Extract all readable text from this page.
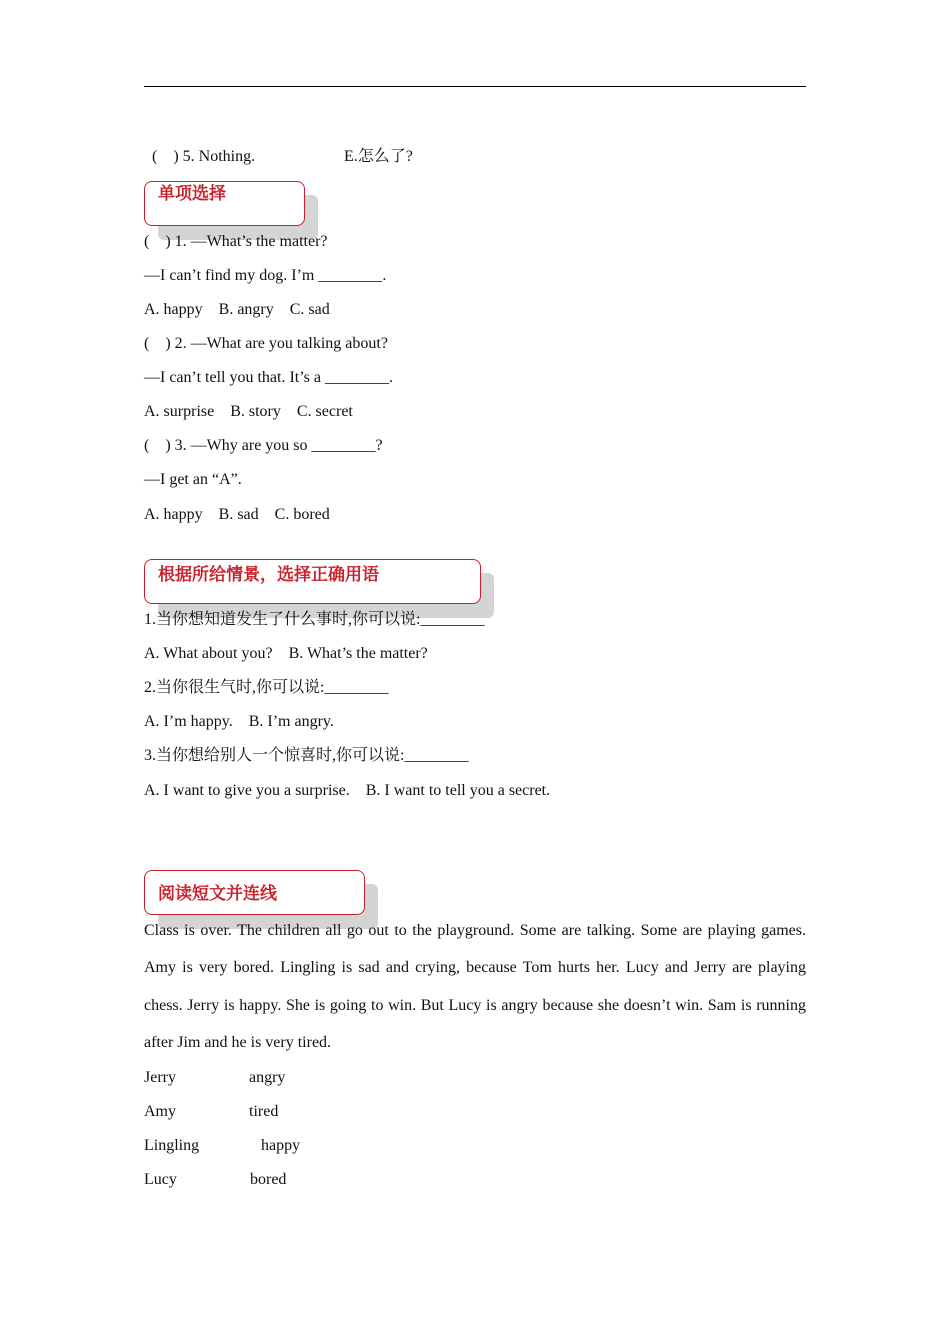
(    ) 5. Nothing.	E.怎么了?

单项选择
(    ) 1. —What’s the matter?
—I can’t find my dog. I’m ________.
A. happy    B. angry    C. sad
(    ) 2. —What are you talking about?
—I can’t tell you that. It’s a ________.
A. surprise    B. story    C. secret
(    ) 3. —Why are you so ________?
—I get an “A”.
A. happy    B. sad    C. bored
根据所给情景，选择正确用语
1.当你想知道发生了什么事时,你可以说:________
A. What about you?    B. What’s the matter?
2.当你很生气时,你可以说:________
A. I’m happy.    B. I’m angry.
3.当你想给别人一个惊喜时,你可以说:________
A. I want to give you a surprise.    B. I want to tell you a secret.
阅读短文并连线
Class is over. The children all go out to the playground. Some are talking. Some are playing games. Amy is very bored. Lingling is sad and crying, because Tom hurts her. Lucy and Jerry are playing chess. Jerry is happy. She is going to win. But Lucy is angry because she doesn’t win. Sam is running after Jim and he is very tired.
Jerry	angry
Amy	tired
Lingling	happy
Lucy	bored
